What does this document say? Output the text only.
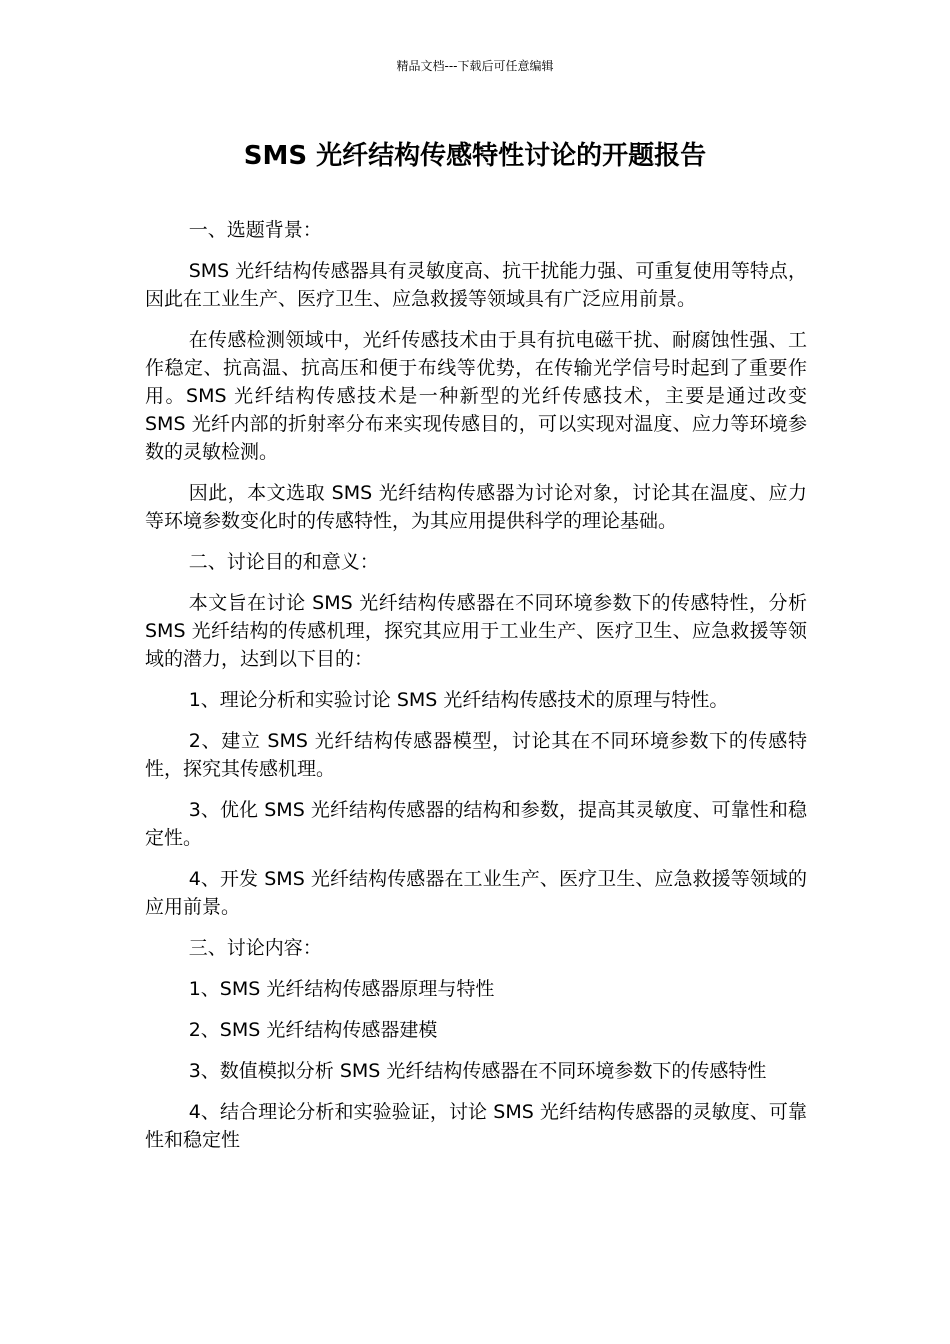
精品文档---下载后可任意编辑
SMS 光纤结构传感特性讨论的开题报告

一、选题背景：

SMS 光纤结构传感器具有灵敏度高、抗干扰能力强、可重复使用等特点，因此在工业生产、医疗卫生、应急救援等领域具有广泛应用前景。

在传感检测领域中，光纤传感技术由于具有抗电磁干扰、耐腐蚀性强、工作稳定、抗高温、抗高压和便于布线等优势，在传输光学信号时起到了重要作用。SMS 光纤结构传感技术是一种新型的光纤传感技术，主要是通过改变 SMS 光纤内部的折射率分布来实现传感目的，可以实现对温度、应力等环境参数的灵敏检测。

因此，本文选取 SMS 光纤结构传感器为讨论对象，讨论其在温度、应力等环境参数变化时的传感特性，为其应用提供科学的理论基础。

二、讨论目的和意义：

本文旨在讨论 SMS 光纤结构传感器在不同环境参数下的传感特性，分析 SMS 光纤结构的传感机理，探究其应用于工业生产、医疗卫生、应急救援等领域的潜力，达到以下目的：

1、理论分析和实验讨论 SMS 光纤结构传感技术的原理与特性。

2、建立 SMS 光纤结构传感器模型，讨论其在不同环境参数下的传感特性，探究其传感机理。

3、优化 SMS 光纤结构传感器的结构和参数，提高其灵敏度、可靠性和稳定性。

4、开发 SMS 光纤结构传感器在工业生产、医疗卫生、应急救援等领域的应用前景。

三、讨论内容：

1、SMS 光纤结构传感器原理与特性

2、SMS 光纤结构传感器建模

3、数值模拟分析 SMS 光纤结构传感器在不同环境参数下的传感特性

4、结合理论分析和实验验证，讨论 SMS 光纤结构传感器的灵敏度、可靠性和稳定性
